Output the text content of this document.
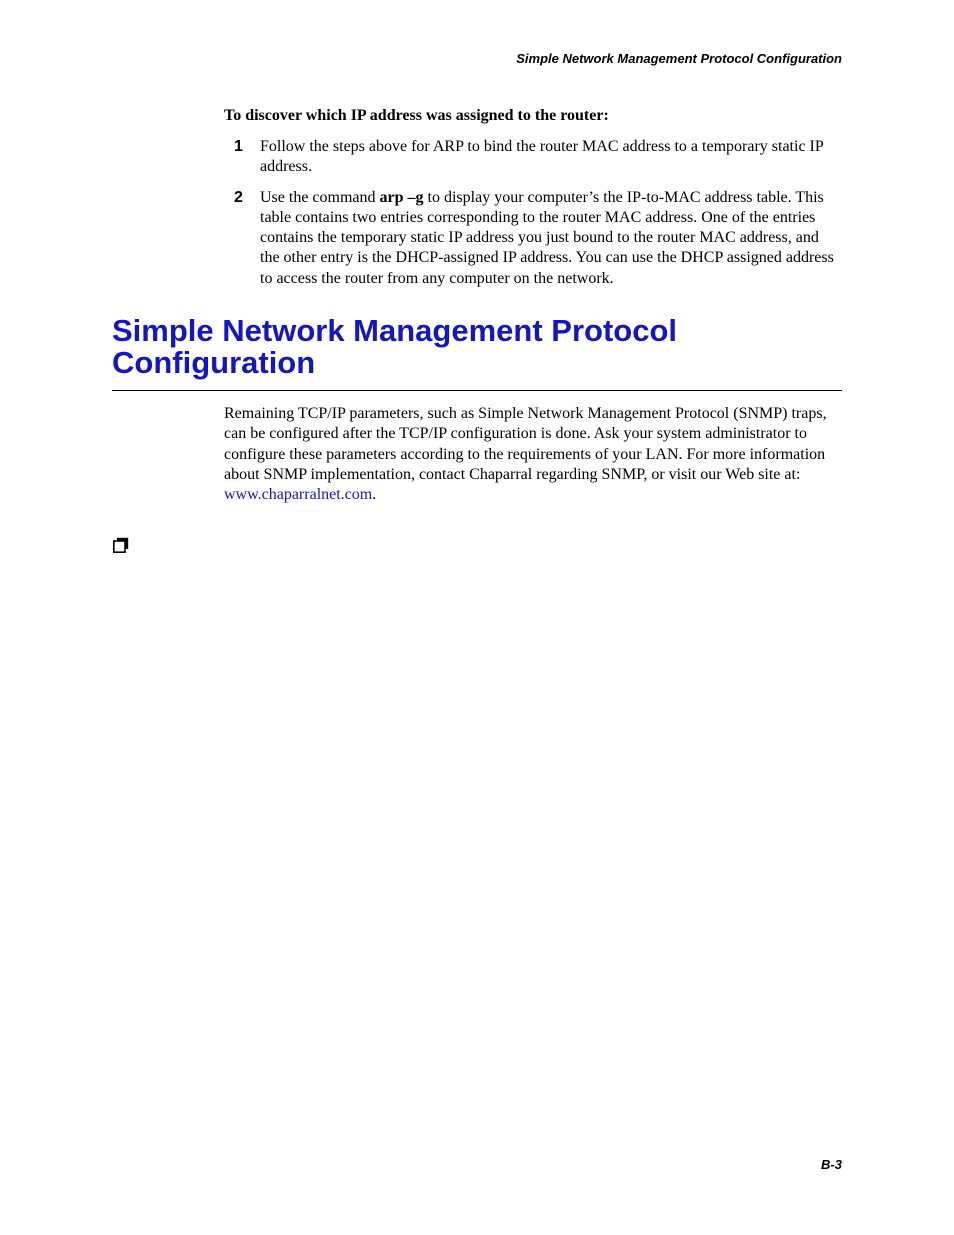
Simple Network Management Protocol Configuration
To discover which IP address was assigned to the router:
1 Follow the steps above for ARP to bind the router MAC address to a temporary static IP address.
2 Use the command arp –g to display your computer’s the IP-to-MAC address table. This table contains two entries corresponding to the router MAC address. One of the entries contains the temporary static IP address you just bound to the router MAC address, and the other entry is the DHCP-assigned IP address. You can use the DHCP assigned address to access the router from any computer on the network.
Simple Network Management Protocol Configuration

Remaining TCP/IP parameters, such as Simple Network Management Protocol (SNMP) traps, can be configured after the TCP/IP configuration is done. Ask your system administrator to configure these parameters according to the requirements of your LAN. For more information about SNMP implementation, contact Chaparral regarding SNMP, or visit our Web site at: www.chaparralnet.com.

B-3
